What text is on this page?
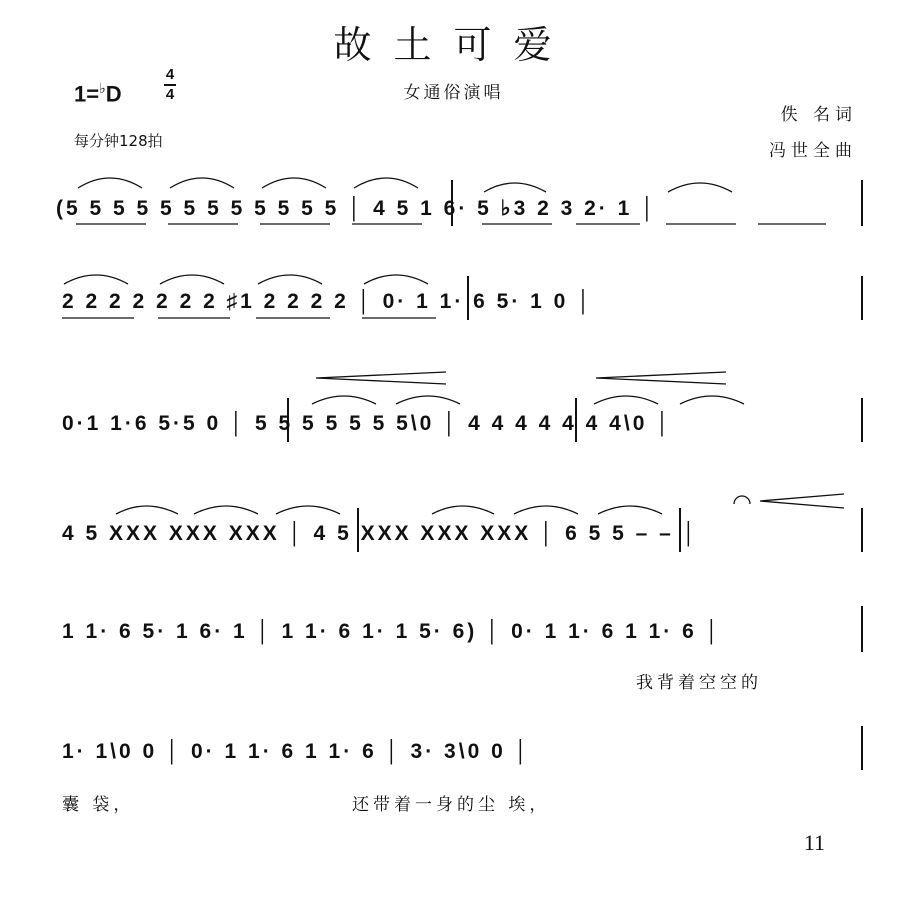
故土可爱
女通俗演唱
1=♭D
4
4
每分钟128拍
佚 名词
冯世全曲
(5 5 5 5 5 5 5 5 5 5 5 5 │ 4 5 1 6· 5 ♭3 2 3 2· 1 │
2 2 2 2 2 2 2 ♯1 2 2 2 2 │ 0· 1 1· 6 5· 1 0 │
0·1 1·6 5·5 0 │ 5 5 5 5 5 5 5\0 │ 4 4 4 4 4 4 4\0 │
4 5 XXX XXX XXX │ 4 5 XXX XXX XXX │ 6 5 5 – – │
1 1· 6 5· 1 6· 1 │ 1 1· 6 1· 1 5· 6) │ 0· 1 1· 6 1 1· 6 │
我背着空空的
1· 1\0 0 │ 0· 1 1· 6 1 1· 6 │ 3· 3\0 0 │
囊 袋，	还带着一身的尘 埃，
11
